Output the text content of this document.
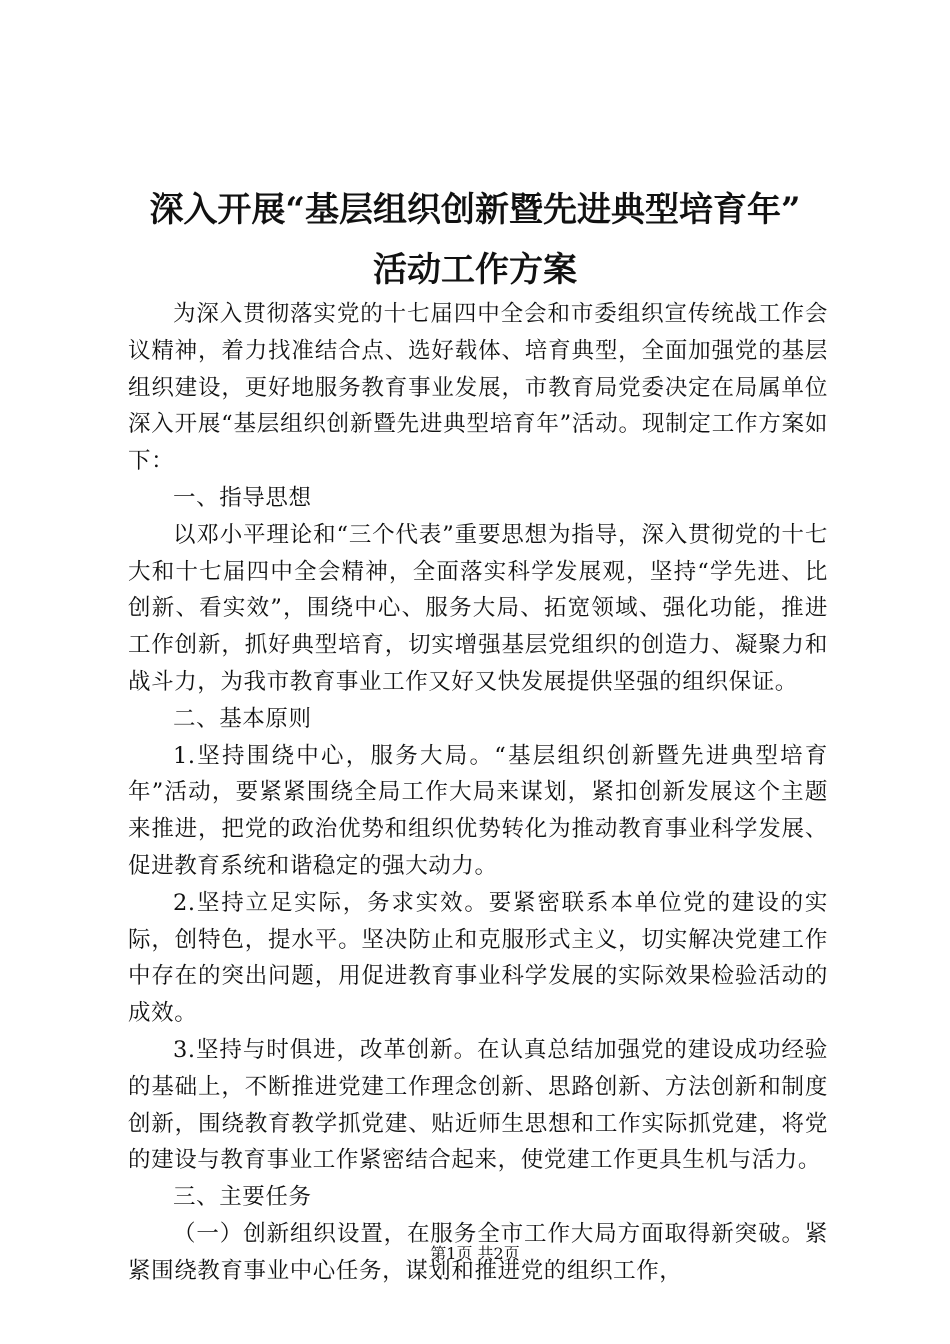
深入开展“基层组织创新暨先进典型培育年”
活动工作方案

为深入贯彻落实党的十七届四中全会和市委组织宣传统战工作会议精神，着力找准结合点、选好载体、培育典型，全面加强党的基层组织建设，更好地服务教育事业发展，市教育局党委决定在局属单位深入开展“基层组织创新暨先进典型培育年”活动。现制定工作方案如下：

一、指导思想

以邓小平理论和“三个代表”重要思想为指导，深入贯彻党的十七大和十七届四中全会精神，全面落实科学发展观，坚持“学先进、比创新、看实效”，围绕中心、服务大局、拓宽领域、强化功能，推进工作创新，抓好典型培育，切实增强基层党组织的创造力、凝聚力和战斗力，为我市教育事业工作又好又快发展提供坚强的组织保证。

二、基本原则

1.坚持围绕中心，服务大局。“基层组织创新暨先进典型培育年”活动，要紧紧围绕全局工作大局来谋划，紧扣创新发展这个主题来推进，把党的政治优势和组织优势转化为推动教育事业科学发展、促进教育系统和谐稳定的强大动力。

2.坚持立足实际，务求实效。要紧密联系本单位党的建设的实际，创特色，提水平。坚决防止和克服形式主义，切实解决党建工作中存在的突出问题，用促进教育事业科学发展的实际效果检验活动的成效。

3.坚持与时俱进，改革创新。在认真总结加强党的建设成功经验的基础上，不断推进党建工作理念创新、思路创新、方法创新和制度创新，围绕教育教学抓党建、贴近师生思想和工作实际抓党建，将党的建设与教育事业工作紧密结合起来，使党建工作更具生机与活力。

三、主要任务

（一）创新组织设置，在服务全市工作大局方面取得新突破。紧紧围绕教育事业中心任务，谋划和推进党的组织工作，

第1页 共2页
